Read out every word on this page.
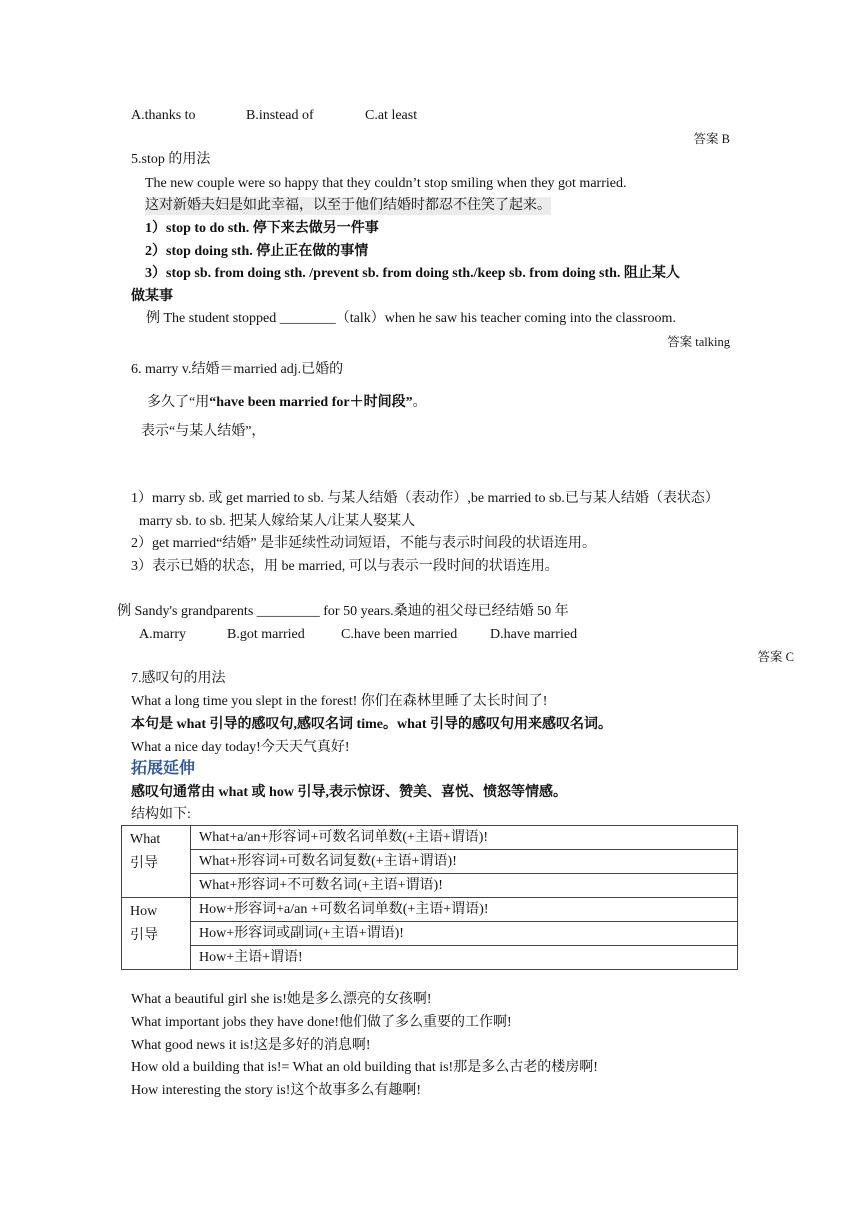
A.thanks to	B.instead of	C.at least
答案 B
5.stop 的用法
The new couple were so happy that they couldn’t stop smiling when they got married.
这对新婚夫妇是如此幸福，以至于他们结婚时都忍不住笑了起来。
1）stop to do sth. 停下来去做另一件事
2）stop doing sth. 停止正在做的事情
3）stop sb. from doing sth. /prevent sb. from doing sth./keep sb. from doing sth. 阻止某人
做某事
例 The student stopped ________（talk）when he saw his teacher coming into the classroom.
答案 talking
6. marry v.结婚＝married adj.已婚的
多久了“用“have been married for＋时间段”。
表示“与某人结婚”，
1）marry sb. 或 get married to sb. 与某人结婚（表动作）,be married to sb.已与某人结婚（表状态）
marry sb. to sb. 把某人嫁给某人/让某人娶某人
2）get married“结婚” 是非延续性动词短语，不能与表示时间段的状语连用。
3）表示已婚的状态，用 be married, 可以与表示一段时间的状语连用。
例 Sandy's grandparents _________ for 50 years.桑迪的祖父母已经结婚 50 年
A.marry	B.got married	C.have been married D.have married
答案 C
7.感叹句的用法
What a long time you slept in the forest! 你们在森林里睡了太长时间了!
本句是 what 引导的感叹句,感叹名词 time。what 引导的感叹句用来感叹名词。
What a nice day today!今天天气真好!
拓展延伸
感叹句通常由 what 或 how 引导,表示惊讶、赞美、喜悦、愤怒等情感。
结构如下:
What
引导	What+a/an+形容词+可数名词单数(+主语+谓语)!
	What+形容词+可数名词复数(+主语+谓语)!
	What+形容词+不可数名词(+主语+谓语)!
How
引导	How+形容词+a/an +可数名词单数(+主语+谓语)!
	How+形容词或副词(+主语+谓语)!
	How+主语+谓语!
What a beautiful girl she is!她是多么漂亮的女孩啊!
What important jobs they have done!他们做了多么重要的工作啊!
What good news it is!这是多好的消息啊!
How old a building that is!= What an old building that is!那是多么古老的楼房啊!
How interesting the story is!这个故事多么有趣啊!
